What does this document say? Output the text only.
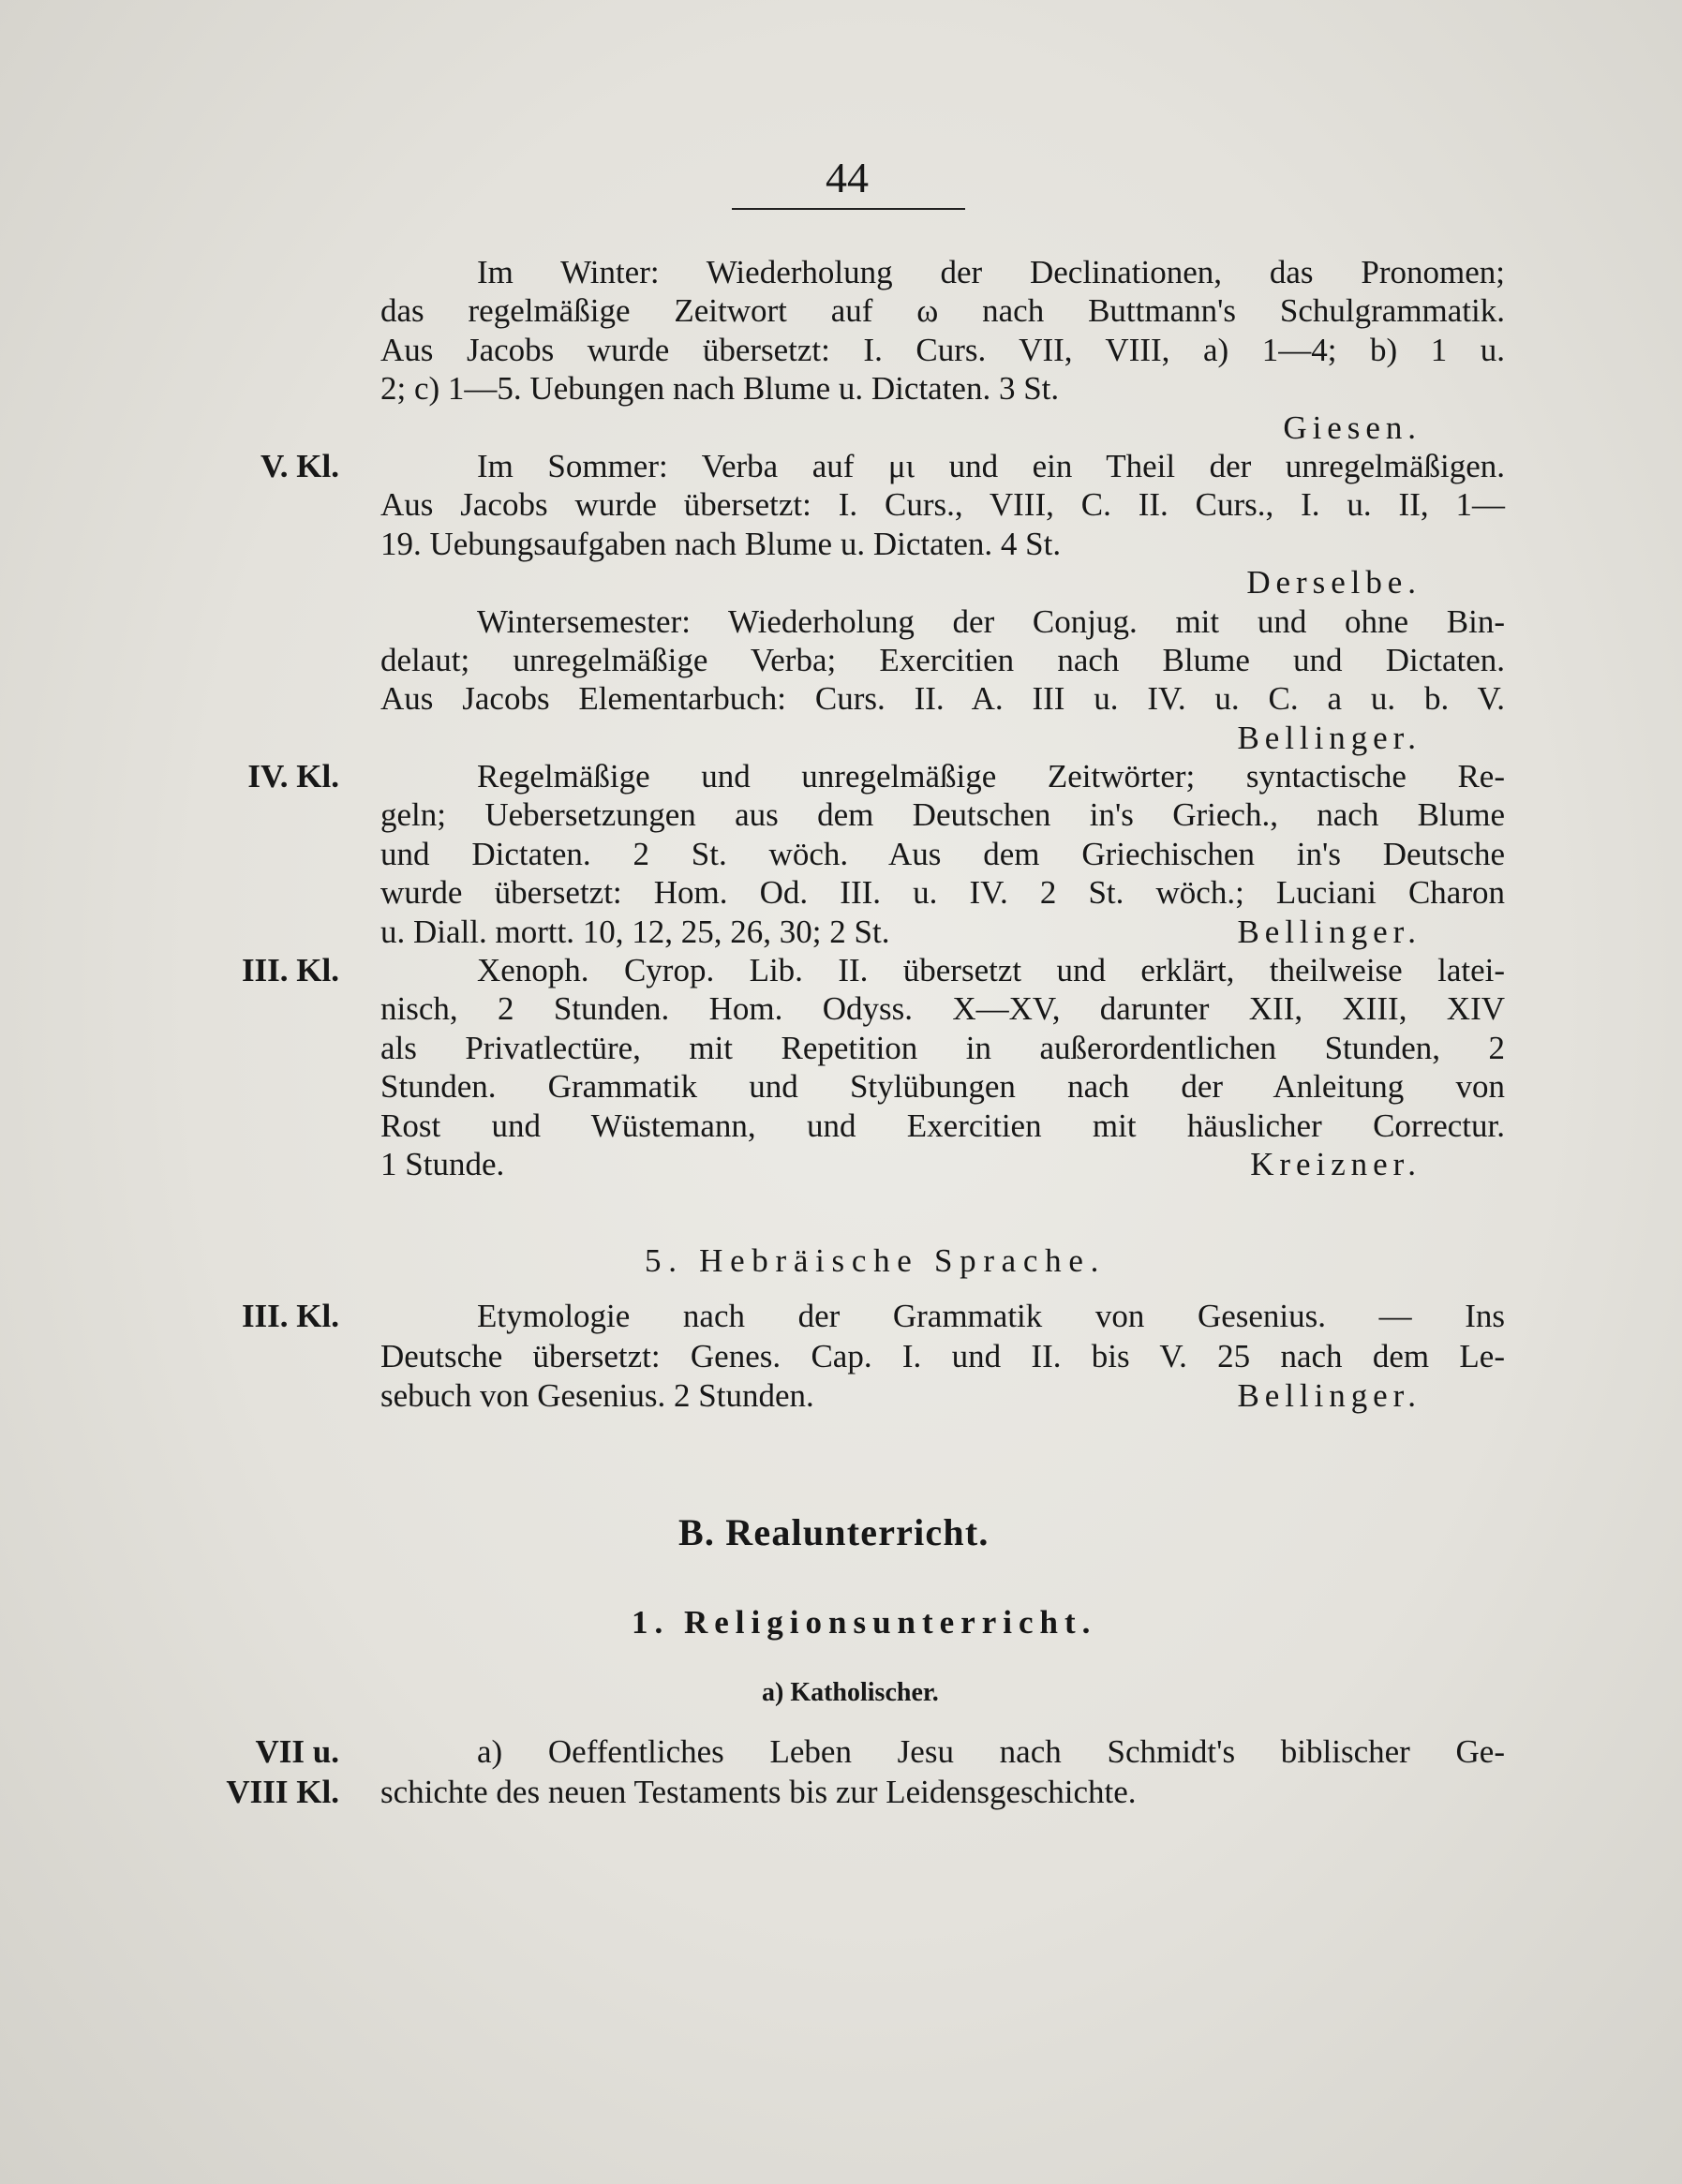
44
Im Winter: Wiederholung der Declinationen, das Pronomen;
das regelmäßige Zeitwort auf ω nach Buttmann's Schulgrammatik.
Aus Jacobs wurde übersetzt: I. Curs. VII, VIII, a) 1—4; b) 1 u.
2; c) 1—5. Uebungen nach Blume u. Dictaten. 3 St.
Giesen.
V. Kl.	Im Sommer: Verba auf μι und ein Theil der unregelmäßigen.
Aus Jacobs wurde übersetzt: I. Curs., VIII, C. II. Curs., I. u. II, 1—
19. Uebungsaufgaben nach Blume u. Dictaten. 4 St.
Derselbe.
Wintersemester: Wiederholung der Conjug. mit und ohne Bin-
delaut; unregelmäßige Verba; Exercitien nach Blume und Dictaten.
Aus Jacobs Elementarbuch: Curs. II. A. III u. IV. u. C. a u. b. V.
Bellinger.
IV. Kl.	Regelmäßige und unregelmäßige Zeitwörter; syntactische Re-
geln; Uebersetzungen aus dem Deutschen in's Griech., nach Blume
und Dictaten. 2 St. wöch. Aus dem Griechischen in's Deutsche
wurde übersetzt: Hom. Od. III. u. IV. 2 St. wöch.; Luciani Charon
u. Diall. mortt. 10, 12, 25, 26, 30; 2 St.	Bellinger.
III. Kl.	Xenoph. Cyrop. Lib. II. übersetzt und erklärt, theilweise latei-
nisch, 2 Stunden. Hom. Odyss. X—XV, darunter XII, XIII, XIV
als Privatlectüre, mit Repetition in außerordentlichen Stunden, 2
Stunden. Grammatik und Stylübungen nach der Anleitung von
Rost und Wüstemann, und Exercitien mit häuslicher Correctur.
1 Stunde.	Kreizner.
5. Hebräische Sprache.
III. Kl.	Etymologie nach der Grammatik von Gesenius. — Ins
Deutsche übersetzt: Genes. Cap. I. und II. bis V. 25 nach dem Le-
sebuch von Gesenius. 2 Stunden.	Bellinger.
B. Realunterricht.
1. Religionsunterricht.
a) Katholischer.
VII u.	a) Oeffentliches Leben Jesu nach Schmidt's biblischer Ge-
VIII Kl. schichte des neuen Testaments bis zur Leidensgeschichte.
